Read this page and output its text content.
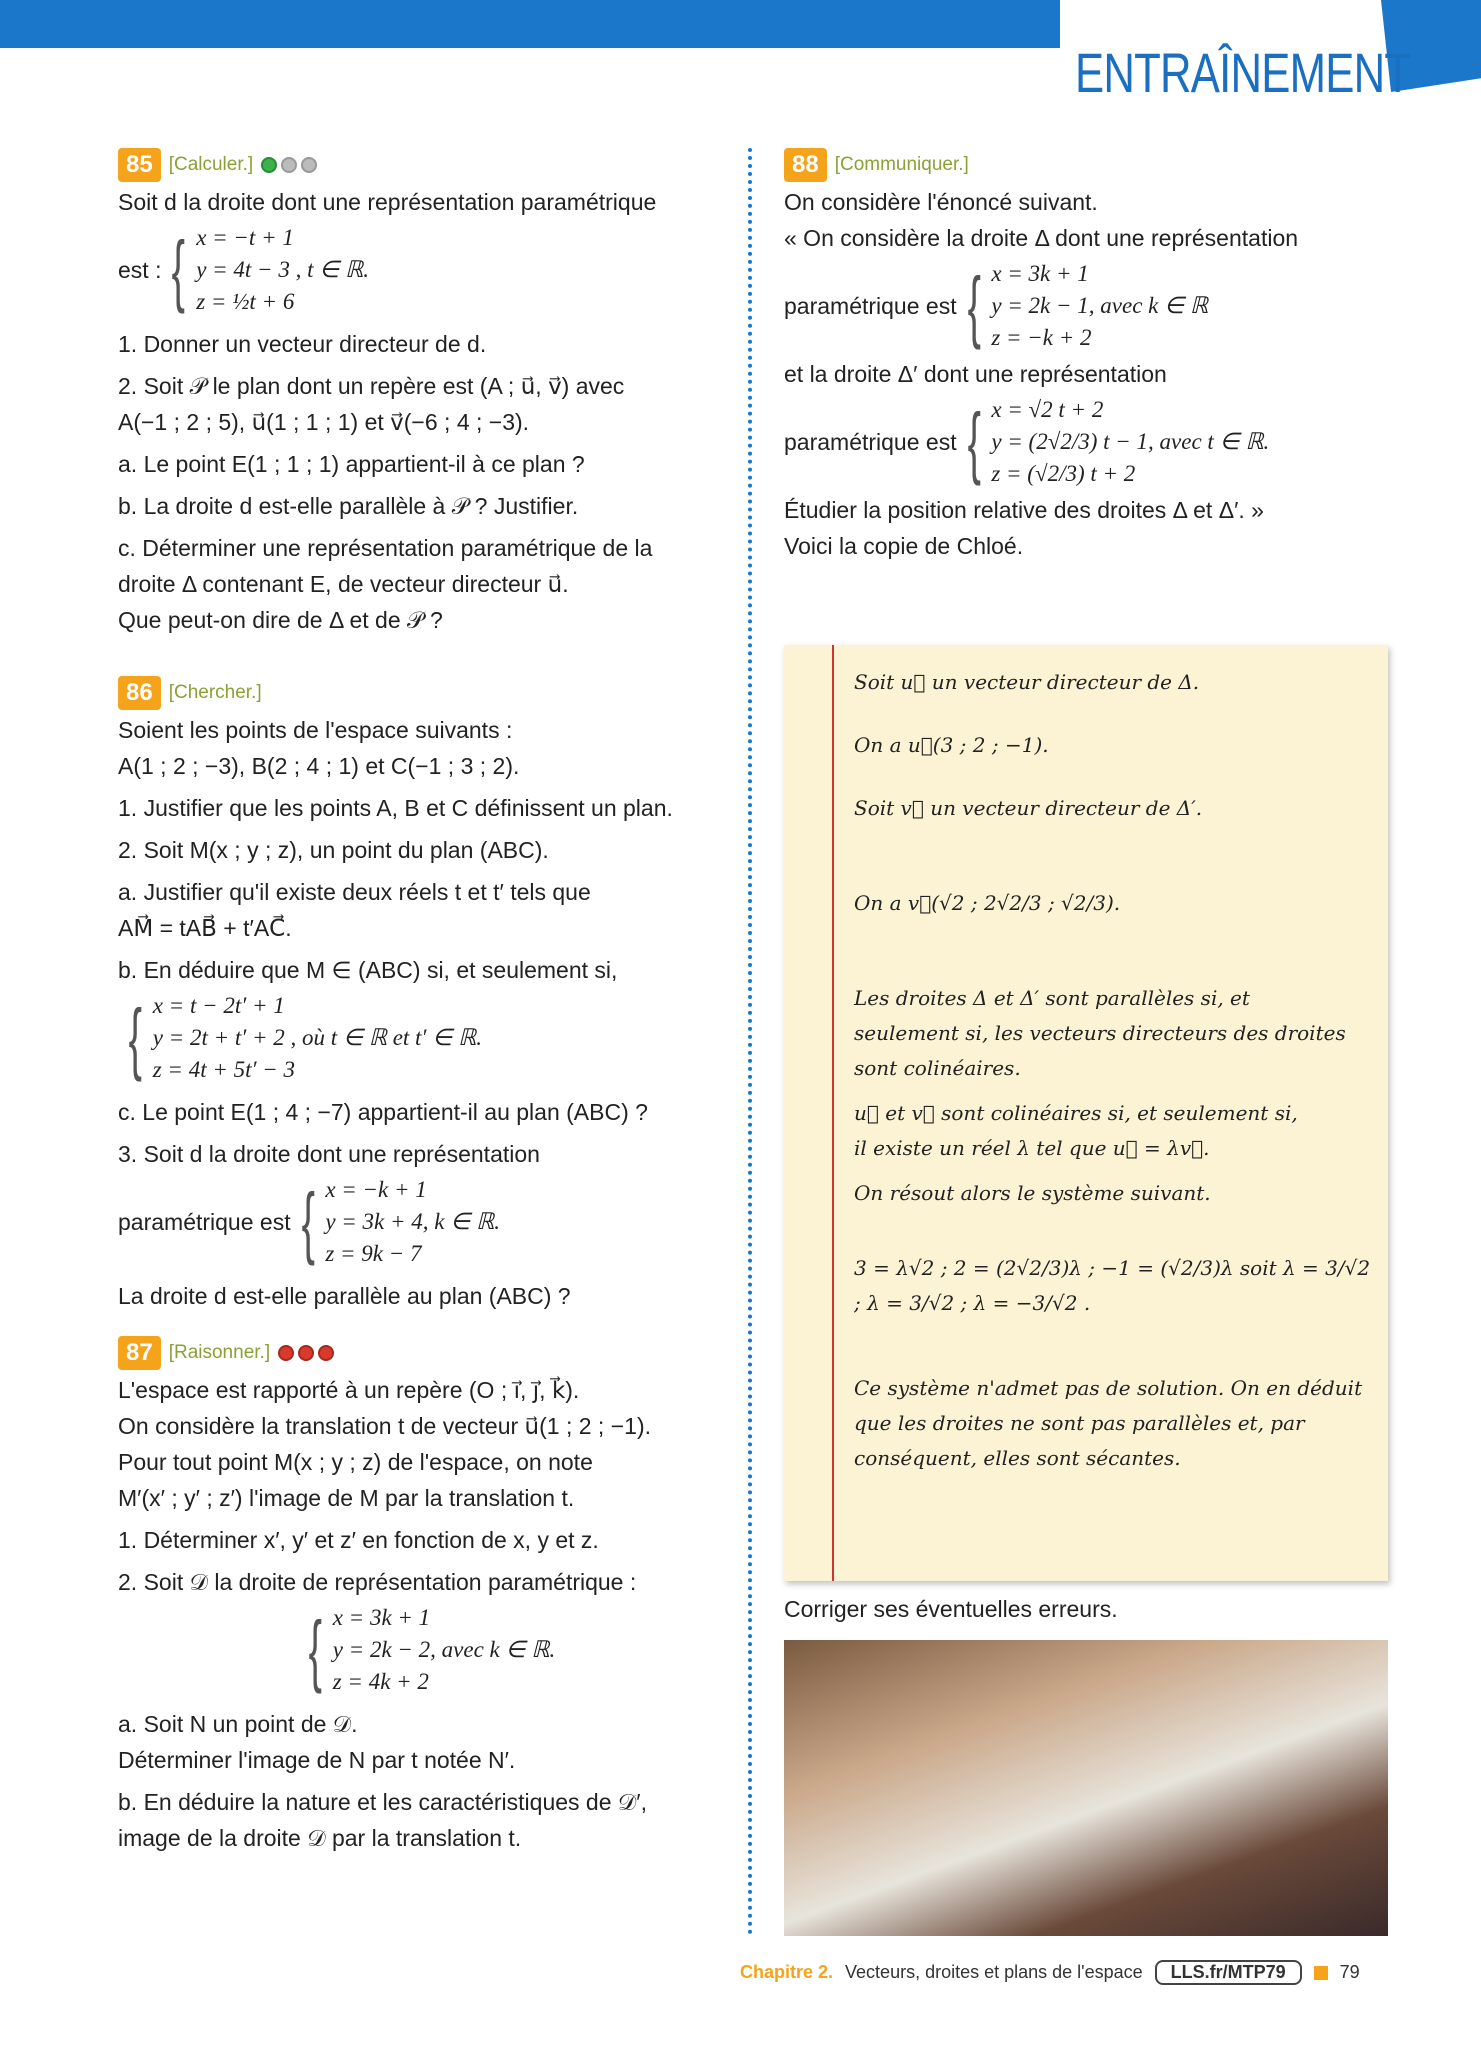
ENTRAÎNEMENT
85 [Calculer.]
Soit d la droite dont une représentation paramétrique
est : { x = −t + 1
y = 4t − 3 , t ∈ ℝ.
z = ½t + 6
1. Donner un vecteur directeur de d.
2. Soit 𝒫 le plan dont un repère est (A ; u⃗, v⃗) avec
A(−1 ; 2 ; 5), u⃗(1 ; 1 ; 1) et v⃗(−6 ; 4 ; −3).
a. Le point E(1 ; 1 ; 1) appartient-il à ce plan ?
b. La droite d est-elle parallèle à 𝒫 ? Justifier.
c. Déterminer une représentation paramétrique de la
droite Δ contenant E, de vecteur directeur u⃗.
Que peut-on dire de Δ et de 𝒫 ?
86 [Chercher.]
Soient les points de l'espace suivants :
A(1 ; 2 ; −3), B(2 ; 4 ; 1) et C(−1 ; 3 ; 2).
1. Justifier que les points A, B et C définissent un plan.
2. Soit M(x ; y ; z), un point du plan (ABC).
a. Justifier qu'il existe deux réels t et t′ tels que
AM⃗ = tAB⃗ + t′AC⃗.
b. En déduire que M ∈ (ABC) si, et seulement si,
{ x = t − 2t′ + 1
y = 2t + t′ + 2 , où t ∈ ℝ et t′ ∈ ℝ.
z = 4t + 5t′ − 3
c. Le point E(1 ; 4 ; −7) appartient-il au plan (ABC) ?
3. Soit d la droite dont une représentation
paramétrique est { x = −k + 1
y = 3k + 4, k ∈ ℝ.
z = 9k − 7
La droite d est-elle parallèle au plan (ABC) ?
87 [Raisonner.]
L'espace est rapporté à un repère (O ; i⃗, j⃗, k⃗).
On considère la translation t de vecteur u⃗(1 ; 2 ; −1).
Pour tout point M(x ; y ; z) de l'espace, on note
M′(x′ ; y′ ; z′) l'image de M par la translation t.
1. Déterminer x′, y′ et z′ en fonction de x, y et z.
2. Soit 𝒟 la droite de représentation paramétrique :
{ x = 3k + 1
y = 2k − 2, avec k ∈ ℝ.
z = 4k + 2
a. Soit N un point de 𝒟.
Déterminer l'image de N par t notée N′.
b. En déduire la nature et les caractéristiques de 𝒟′,
image de la droite 𝒟 par la translation t.
88 [Communiquer.]
On considère l'énoncé suivant.
« On considère la droite Δ dont une représentation
paramétrique est { x = 3k + 1
y = 2k − 1, avec k ∈ ℝ
z = −k + 2
et la droite Δ′ dont une représentation
paramétrique est { x = √2 t + 2
y = (2√2/3) t − 1, avec t ∈ ℝ.
z = (√2/3) t + 2
Étudier la position relative des droites Δ et Δ′. »
Voici la copie de Chloé.
Soit u⃗ un vecteur directeur de Δ.
On a u⃗(3 ; 2 ; −1).
Soit v⃗ un vecteur directeur de Δ′.
On a v⃗(√2 ; 2√2/3 ; √2/3).
Les droites Δ et Δ′ sont parallèles si, et
seulement si, les vecteurs directeurs des droites
sont colinéaires.
u⃗ et v⃗ sont colinéaires si, et seulement si,
il existe un réel λ tel que u⃗ = λv⃗.
On résout alors le système suivant.
3 = λ√2 ; 2 = (2√2/3)λ ; −1 = (√2/3)λ soit λ = 3/√2 ; λ = 3/√2 ; λ = −3/√2 .
Ce système n'admet pas de solution. On en déduit
que les droites ne sont pas parallèles et, par
conséquent, elles sont sécantes.
Corriger ses éventuelles erreurs.
Chapitre 2. Vecteurs, droites et plans de l'espace	LLS.fr/MTP79	79
